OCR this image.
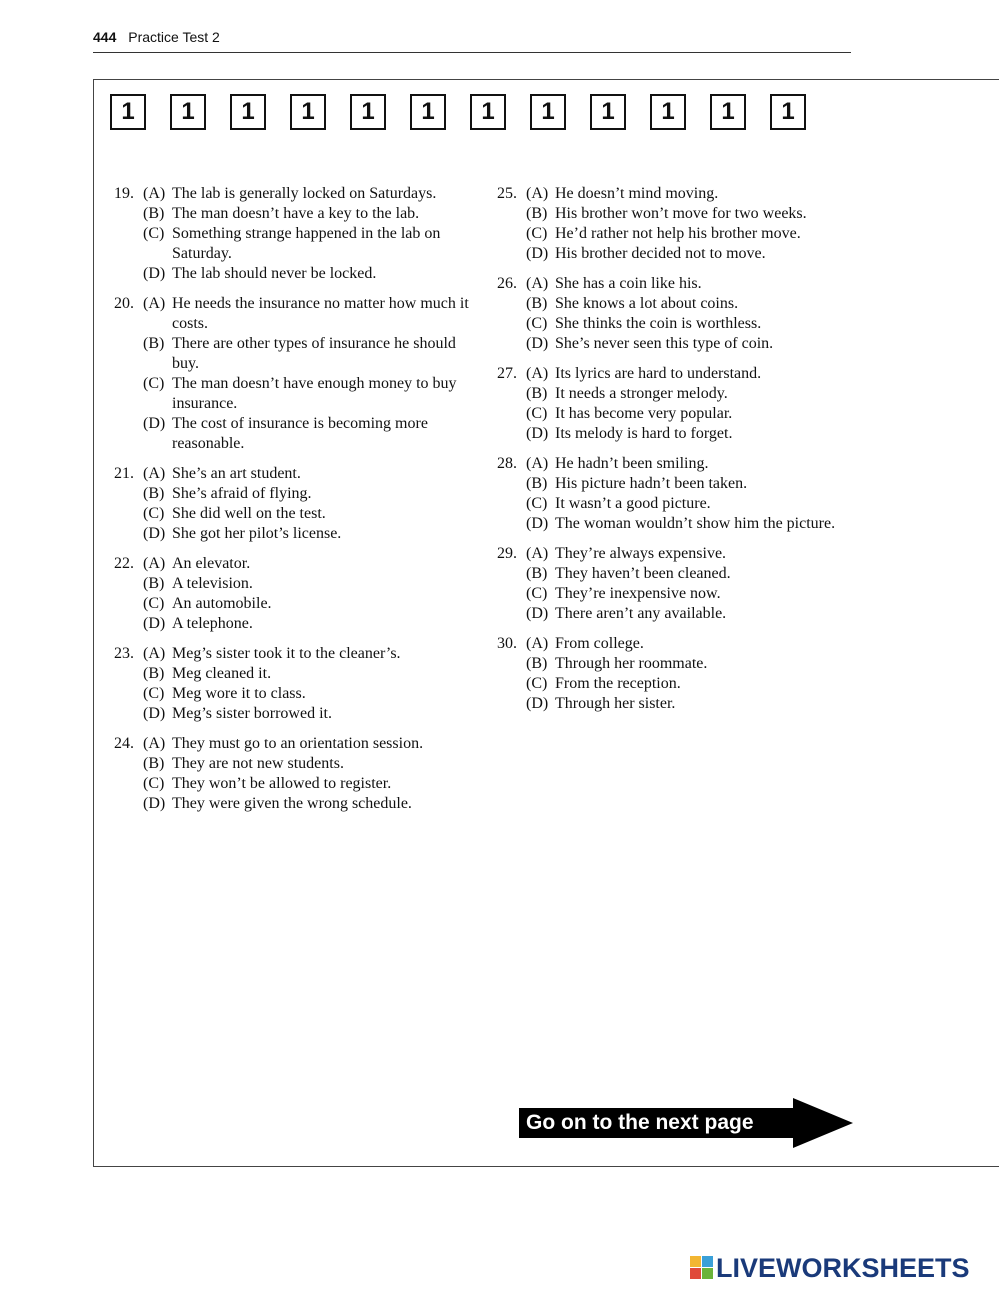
444 Practice Test 2
1	1	1	1	1	1	1	1	1	1	1	1
19. (A) The lab is generally locked on Saturdays.
(B) The man doesn’t have a key to the lab.
(C) Something strange happened in the lab on Saturday.
(D) The lab should never be locked.
20. (A) He needs the insurance no matter how much it costs.
(B) There are other types of insurance he should buy.
(C) The man doesn’t have enough money to buy insurance.
(D) The cost of insurance is becoming more reasonable.
21. (A) She’s an art student.
(B) She’s afraid of flying.
(C) She did well on the test.
(D) She got her pilot’s license.
22. (A) An elevator.
(B) A television.
(C) An automobile.
(D) A telephone.
23. (A) Meg’s sister took it to the cleaner’s.
(B) Meg cleaned it.
(C) Meg wore it to class.
(D) Meg’s sister borrowed it.
24. (A) They must go to an orientation session.
(B) They are not new students.
(C) They won’t be allowed to register.
(D) They were given the wrong schedule.
25. (A) He doesn’t mind moving.
(B) His brother won’t move for two weeks.
(C) He’d rather not help his brother move.
(D) His brother decided not to move.
26. (A) She has a coin like his.
(B) She knows a lot about coins.
(C) She thinks the coin is worthless.
(D) She’s never seen this type of coin.
27. (A) Its lyrics are hard to understand.
(B) It needs a stronger melody.
(C) It has become very popular.
(D) Its melody is hard to forget.
28. (A) He hadn’t been smiling.
(B) His picture hadn’t been taken.
(C) It wasn’t a good picture.
(D) The woman wouldn’t show him the picture.
29. (A) They’re always expensive.
(B) They haven’t been cleaned.
(C) They’re inexpensive now.
(D) There aren’t any available.
30. (A) From college.
(B) Through her roommate.
(C) From the reception.
(D) Through her sister.
Go on to the next page
LIVEWORKSHEETS
